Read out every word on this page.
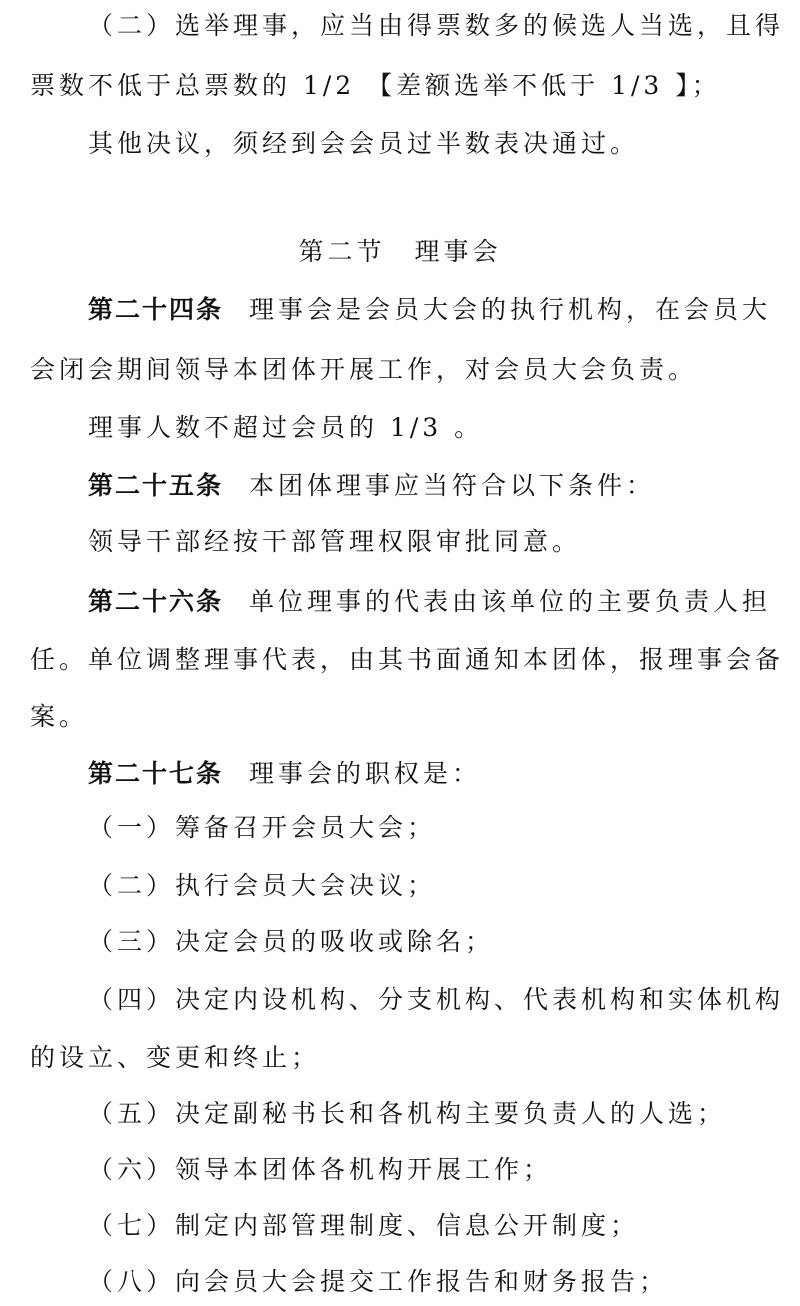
（二）选举理事，应当由得票数多的候选人当选，且得
票数不低于总票数的 1/2 【差额选举不低于 1/3 】；
其他决议，须经到会会员过半数表决通过。
第二节　理事会
第二十四条 理事会是会员大会的执行机构，在会员大
会闭会期间领导本团体开展工作，对会员大会负责。
理事人数不超过会员的 1/3 。
第二十五条 本团体理事应当符合以下条件：
领导干部经按干部管理权限审批同意。
第二十六条 单位理事的代表由该单位的主要负责人担
任。单位调整理事代表，由其书面通知本团体，报理事会备
案。
第二十七条 理事会的职权是：
（一）筹备召开会员大会；
（二）执行会员大会决议；
（三）决定会员的吸收或除名；
（四）决定内设机构、分支机构、代表机构和实体机构
的设立、变更和终止；
（五）决定副秘书长和各机构主要负责人的人选；
（六）领导本团体各机构开展工作；
（七）制定内部管理制度、信息公开制度；
（八）向会员大会提交工作报告和财务报告；
